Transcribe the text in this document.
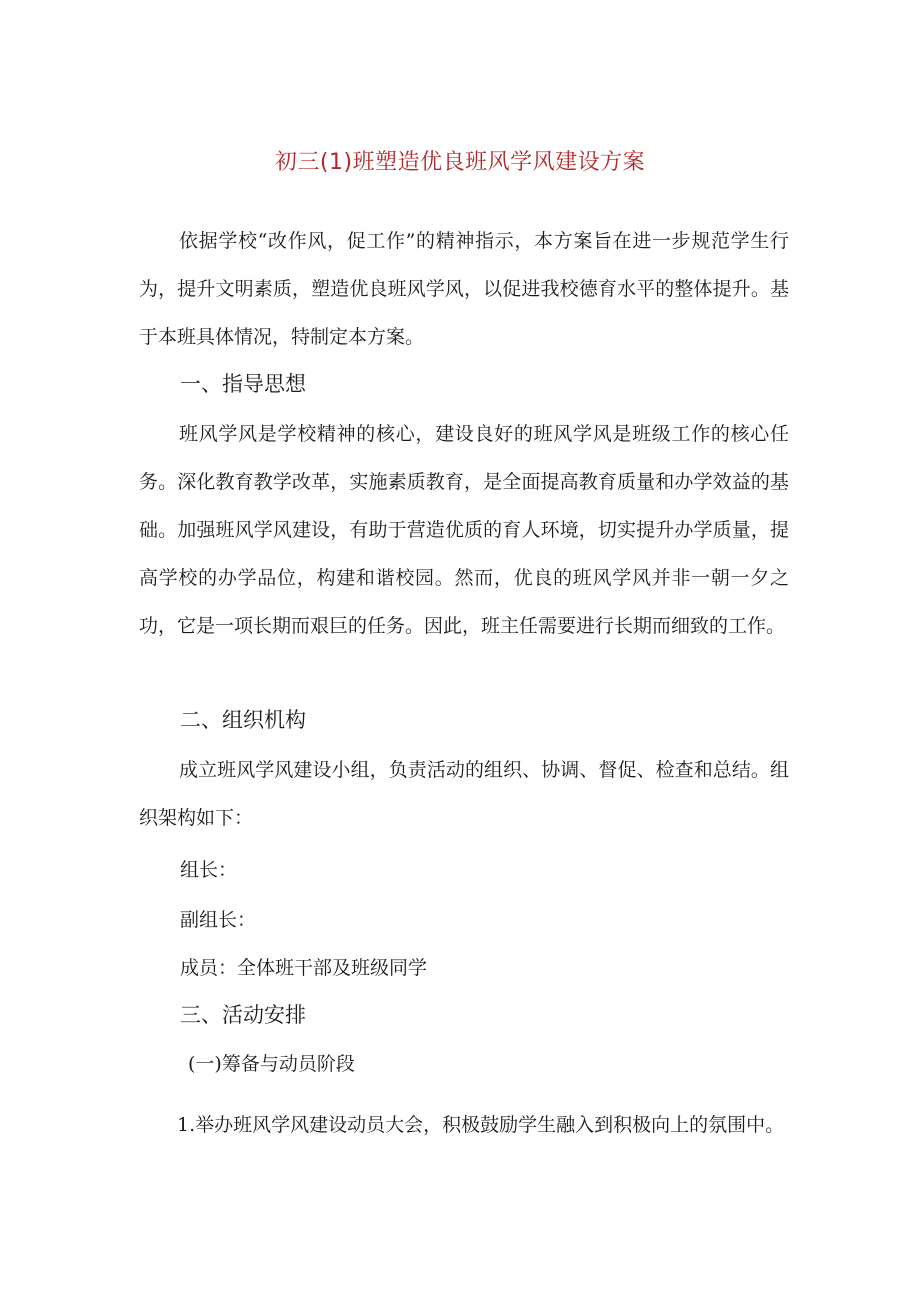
初三(1)班塑造优良班风学风建设方案
依据学校“改作风，促工作”的精神指示，本方案旨在进一步规范学生行为，提升文明素质，塑造优良班风学风，以促进我校德育水平的整体提升。基于本班具体情况，特制定本方案。
一、指导思想
班风学风是学校精神的核心，建设良好的班风学风是班级工作的核心任务。深化教育教学改革，实施素质教育，是全面提高教育质量和办学效益的基础。加强班风学风建设，有助于营造优质的育人环境，切实提升办学质量，提高学校的办学品位，构建和谐校园。然而，优良的班风学风并非一朝一夕之功，它是一项长期而艰巨的任务。因此，班主任需要进行长期而细致的工作。
二、组织机构
成立班风学风建设小组，负责活动的组织、协调、督促、检查和总结。组织架构如下：
组长：
副组长：
成员：全体班干部及班级同学
三、活动安排
(一)筹备与动员阶段
1.举办班风学风建设动员大会，积极鼓励学生融入到积极向上的氛围中。
